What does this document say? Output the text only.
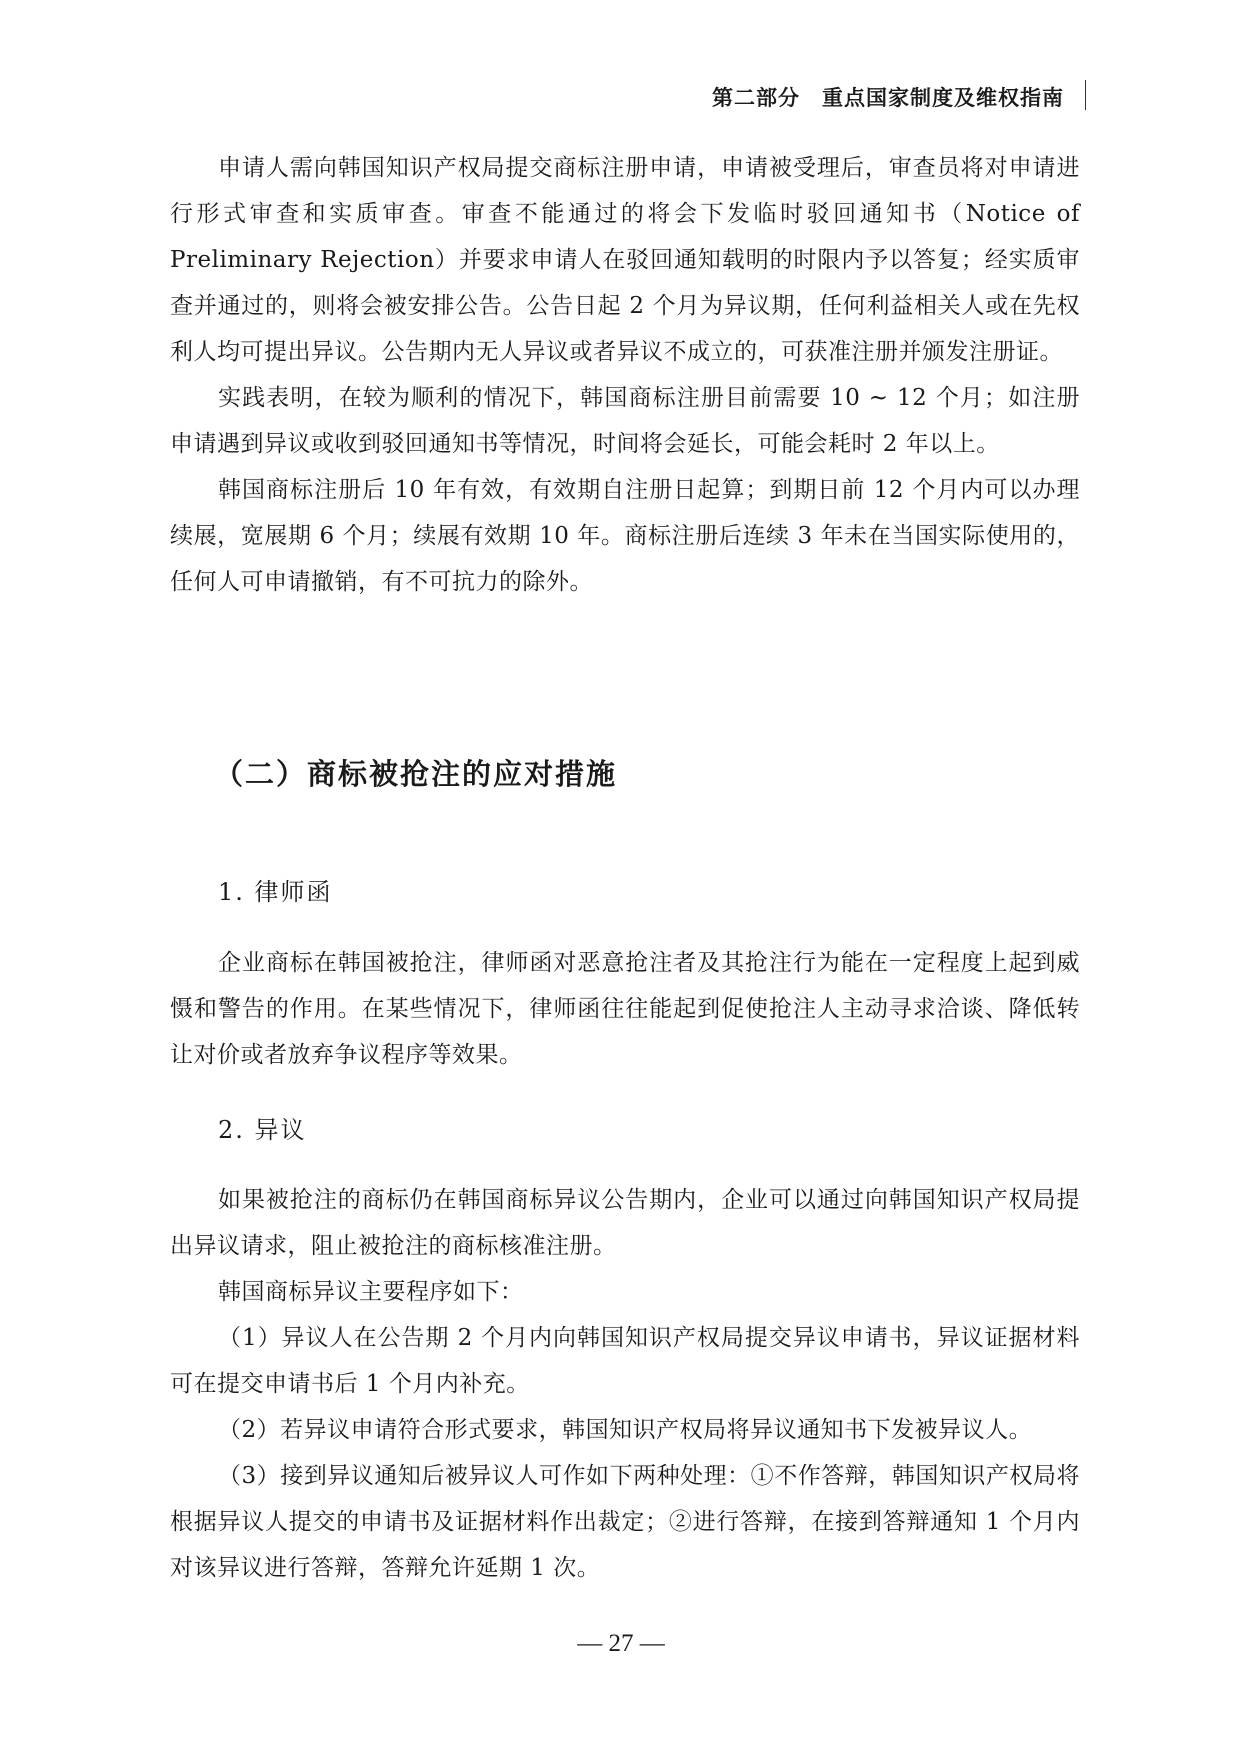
第二部分 重点国家制度及维权指南

申请人需向韩国知识产权局提交商标注册申请，申请被受理后，审查员将对申请进行形式审查和实质审查。审查不能通过的将会下发临时驳回通知书（Notice of Preliminary Rejection）并要求申请人在驳回通知载明的时限内予以答复；经实质审查并通过的，则将会被安排公告。公告日起 2 个月为异议期，任何利益相关人或在先权利人均可提出异议。公告期内无人异议或者异议不成立的，可获准注册并颁发注册证。

实践表明，在较为顺利的情况下，韩国商标注册目前需要 10 ~ 12 个月；如注册申请遇到异议或收到驳回通知书等情况，时间将会延长，可能会耗时 2 年以上。

韩国商标注册后 10 年有效，有效期自注册日起算；到期日前 12 个月内可以办理续展，宽展期 6 个月；续展有效期 10 年。商标注册后连续 3 年未在当国实际使用的，任何人可申请撤销，有不可抗力的除外。

（二）商标被抢注的应对措施
1. 律师函

企业商标在韩国被抢注，律师函对恶意抢注者及其抢注行为能在一定程度上起到威慑和警告的作用。在某些情况下，律师函往往能起到促使抢注人主动寻求洽谈、降低转让对价或者放弃争议程序等效果。

2. 异议

如果被抢注的商标仍在韩国商标异议公告期内，企业可以通过向韩国知识产权局提出异议请求，阻止被抢注的商标核准注册。

韩国商标异议主要程序如下：

（1）异议人在公告期 2 个月内向韩国知识产权局提交异议申请书，异议证据材料可在提交申请书后 1 个月内补充。

（2）若异议申请符合形式要求，韩国知识产权局将异议通知书下发被异议人。

（3）接到异议通知后被异议人可作如下两种处理：①不作答辩，韩国知识产权局将根据异议人提交的申请书及证据材料作出裁定；②进行答辩，在接到答辩通知 1 个月内对该异议进行答辩，答辩允许延期 1 次。

— 27 —
